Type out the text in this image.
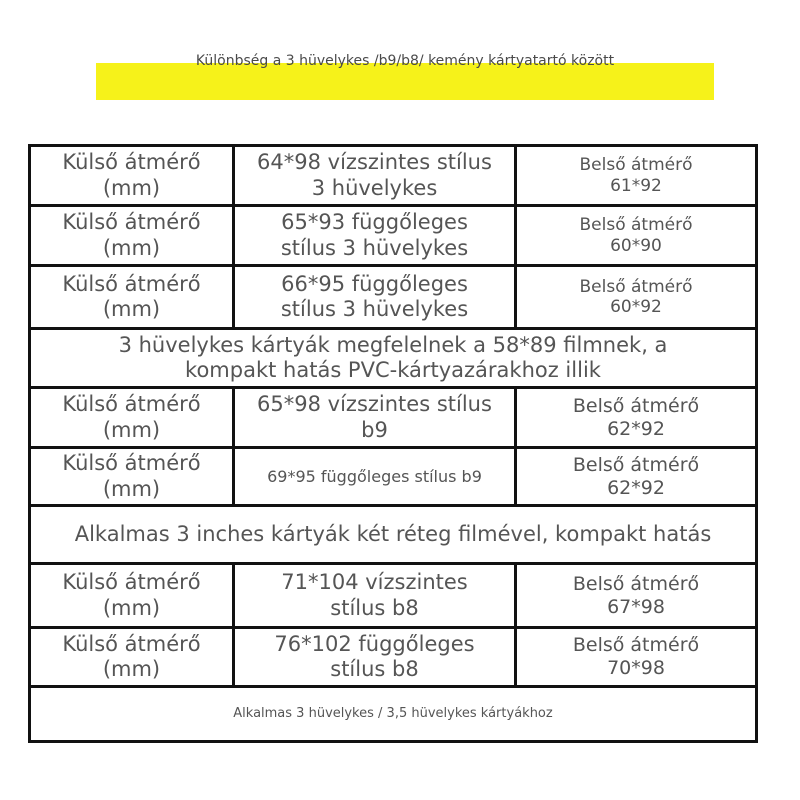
Különbség a 3 hüvelykes /b9/b8/ kemény kártyatartó között
Külső átmérő
(mm)
64*98 vízszintes stílus
3 hüvelykes
Belső átmérő
61*92
Külső átmérő
(mm)
65*93 függőleges
stílus 3 hüvelykes
Belső átmérő
60*90
Külső átmérő
(mm)
66*95 függőleges
stílus 3 hüvelykes
Belső átmérő
60*92
3 hüvelykes kártyák megfelelnek a 58*89 filmnek, a kompakt hatás PVC-kártyazárakhoz illik
Külső átmérő
(mm)
65*98 vízszintes stílus
b9
Belső átmérő
62*92
Külső átmérő
(mm)
69*95 függőleges stílus b9
Belső átmérő
62*92
Alkalmas 3 inches kártyák két réteg filmével, kompakt hatás
Külső átmérő
(mm)
71*104 vízszintes
stílus b8
Belső átmérő
67*98
Külső átmérő
(mm)
76*102 függőleges
stílus b8
Belső átmérő
70*98
Alkalmas 3 hüvelykes / 3,5 hüvelykes kártyákhoz
